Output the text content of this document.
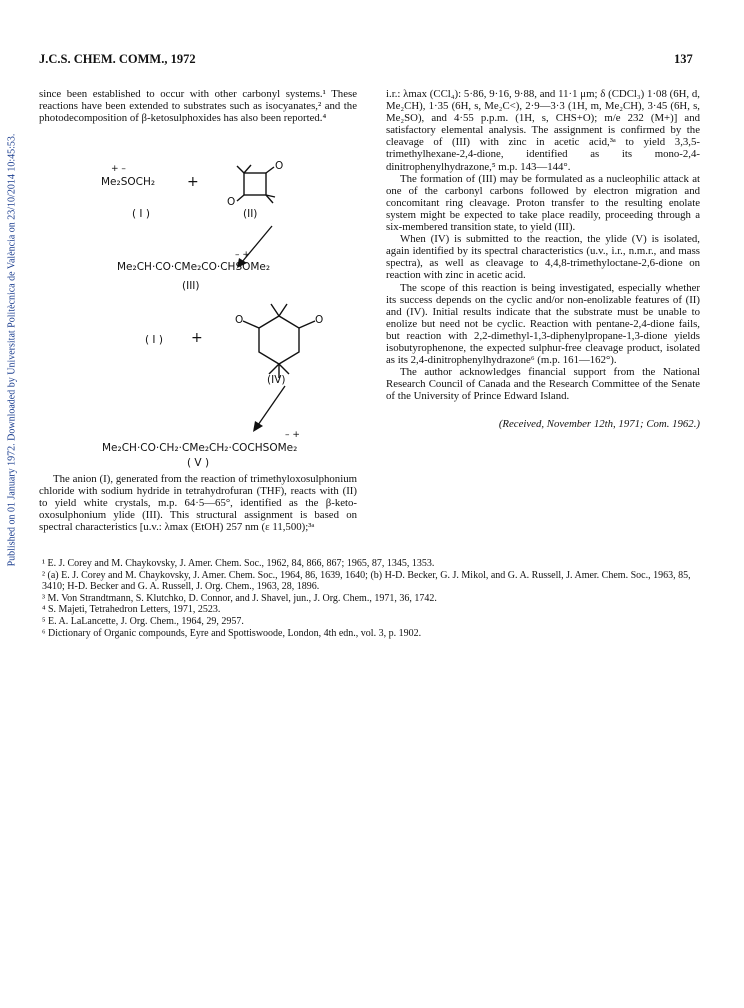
Published on 01 January 1972. Downloaded by Universitat Politècnica de València on 23/10/2014 10:45:53.
J.C.S. CHEM. COMM., 1972	137

since been established to occur with other carbonyl systems.¹ These reactions have been extended to substrates such as isocyanates,² and the photodecomposition of β-ketosulphoxides has also been reported.⁴

+ –
Me₂SOCH₂ +
O
O
( I )	(II)
– +
Me₂CH·CO·CMe₂CO·CHSOMe₂
(III)
O	O
( I ) +
(IV)
– +
Me₂CH·CO·CH₂·CMe₂CH₂·COCHSOMe₂
( V )

The anion (I), generated from the reaction of trimethyloxosulphonium chloride with sodium hydride in tetrahydrofuran (THF), reacts with (II) to yield white crystals, m.p. 64·5—65°, identified as the β-keto-oxosulphonium ylide (III). This structural assignment is based on spectral characteristics [u.v.: λmax (EtOH) 257 nm (ε 11,500);³ᵃ

i.r.: λmax (CCl₄): 5·86, 9·16, 9·88, and 11·1 μm; δ (CDCl₃) 1·08 (6H, d, Me₂CH), 1·35 (6H, s, Me₂C<), 2·9—3·3 (1H, m, Me₂CH), 3·45 (6H, s, Me₂SO), and 4·55 p.p.m. (1H, s, CHS+O); m/e 232 (M+)] and satisfactory elemental analysis. The assignment is confirmed by the cleavage of (III) with zinc in acetic acid,³ᵃ to yield 3,3,5-trimethylhexane-2,4-dione, identified as its mono-2,4-dinitrophenylhydrazone,⁵ m.p. 143—144°.

The formation of (III) may be formulated as a nucleophilic attack at one of the carbonyl carbons followed by electron migration and concomitant ring cleavage. Proton transfer to the resulting enolate system might be expected to take place readily, proceeding through a six-membered transition state, to yield (III).

When (IV) is submitted to the reaction, the ylide (V) is isolated, again identified by its spectral characteristics (u.v., i.r., n.m.r., and mass spectra), as well as cleavage to 4,4,8-trimethyloctane-2,6-dione on reaction with zinc in acetic acid.

The scope of this reaction is being investigated, especially whether its success depends on the cyclic and/or non-enolizable features of (II) and (IV). Initial results indicate that the substrate must be unable to enolize but need not be cyclic. Reaction with pentane-2,4-dione fails, but reaction with 2,2-dimethyl-1,3-diphenylpropane-1,3-dione yields isobutyrophenone, the expected sulphur-free cleavage product, isolated as its 2,4-dinitrophenylhydrazone⁶ (m.p. 161—162°).

The author acknowledges financial support from the National Research Council of Canada and the Research Committee of the Senate of the University of Prince Edward Island.

(Received, November 12th, 1971; Com. 1962.)

¹ E. J. Corey and M. Chaykovsky, J. Amer. Chem. Soc., 1962, 84, 866, 867; 1965, 87, 1345, 1353.

² (a) E. J. Corey and M. Chaykovsky, J. Amer. Chem. Soc., 1964, 86, 1639, 1640; (b) H-D. Becker, G. J. Mikol, and G. A. Russell, J. Amer. Chem. Soc., 1963, 85, 3410; H-D. Becker and G. A. Russell, J. Org. Chem., 1963, 28, 1896.

³ M. Von Strandtmann, S. Klutchko, D. Connor, and J. Shavel, jun., J. Org. Chem., 1971, 36, 1742.

⁴ S. Majeti, Tetrahedron Letters, 1971, 2523.

⁵ E. A. LaLancette, J. Org. Chem., 1964, 29, 2957.

⁶ Dictionary of Organic compounds, Eyre and Spottiswoode, London, 4th edn., vol. 3, p. 1902.
